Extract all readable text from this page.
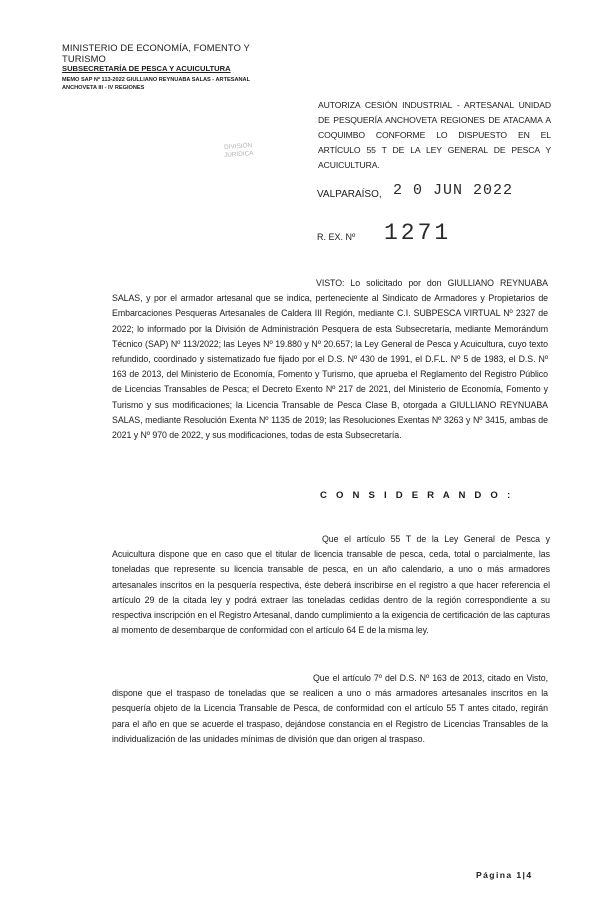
MINISTERIO DE ECONOMÍA, FOMENTO Y TURISMO
SUBSECRETARÍA DE PESCA Y ACUICULTURA
MEMO SAP Nº 113-2022 GIULLIANO REYNUABA SALAS - ARTESANAL
ANCHOVETA III - IV REGIONES
DIVISIÓN
JURÍDICA
AUTORIZA CESIÓN INDUSTRIAL - ARTESANAL UNIDAD DE PESQUERÍA ANCHOVETA REGIONES DE ATACAMA A COQUIMBO CONFORME LO DISPUESTO EN EL ARTÍCULO 55 T DE LA LEY GENERAL DE PESCA Y ACUICULTURA.
VALPARAÍSO, 2 0 JUN 2022
R. EX. Nº 1271
VISTO: Lo solicitado por don GIULLIANO REYNUABA SALAS, y por el armador artesanal que se indica, perteneciente al Sindicato de Armadores y Propietarios de Embarcaciones Pesqueras Artesanales de Caldera III Región, mediante C.I. SUBPESCA VIRTUAL Nº 2327 de 2022; lo informado por la División de Administración Pesquera de esta Subsecretaría, mediante Memorándum Técnico (SAP) Nº 113/2022; las Leyes Nº 19.880 y Nº 20.657; la Ley General de Pesca y Acuicultura, cuyo texto refundido, coordinado y sistematizado fue fijado por el D.S. Nº 430 de 1991, el D.F.L. Nº 5 de 1983, el D.S. Nº 163 de 2013, del Ministerio de Economía, Fomento y Turismo, que aprueba el Reglamento del Registro Público de Licencias Transables de Pesca; el Decreto Exento Nº 217 de 2021, del Ministerio de Economía, Fomento y Turismo y sus modificaciones; la Licencia Transable de Pesca Clase B, otorgada a GIULLIANO REYNUABA SALAS, mediante Resolución Exenta Nº 1135 de 2019; las Resoluciones Exentas Nº 3263 y Nº 3415, ambas de 2021 y Nº 970 de 2022, y sus modificaciones, todas de esta Subsecretaría.
C O N S I D E R A N D O :
Que el artículo 55 T de la Ley General de Pesca y Acuicultura dispone que en caso que el titular de licencia transable de pesca, ceda, total o parcialmente, las toneladas que represente su licencia transable de pesca, en un año calendario, a uno o más armadores artesanales inscritos en la pesquería respectiva, éste deberá inscribirse en el registro a que hacer referencia el artículo 29 de la citada ley y podrá extraer las toneladas cedidas dentro de la región correspondiente a su respectiva inscripción en el Registro Artesanal, dando cumplimiento a la exigencia de certificación de las capturas al momento de desembarque de conformidad con el artículo 64 E de la misma ley.
Que el artículo 7º del D.S. Nº 163 de 2013, citado en Visto, dispone que el traspaso de toneladas que se realicen a uno o más armadores artesanales inscritos en la pesquería objeto de la Licencia Transable de Pesca, de conformidad con el artículo 55 T antes citado, regirán para el año en que se acuerde el traspaso, dejándose constancia en el Registro de Licencias Transables de la individualización de las unidades mínimas de división que dan origen al traspaso.
Página 1|4
